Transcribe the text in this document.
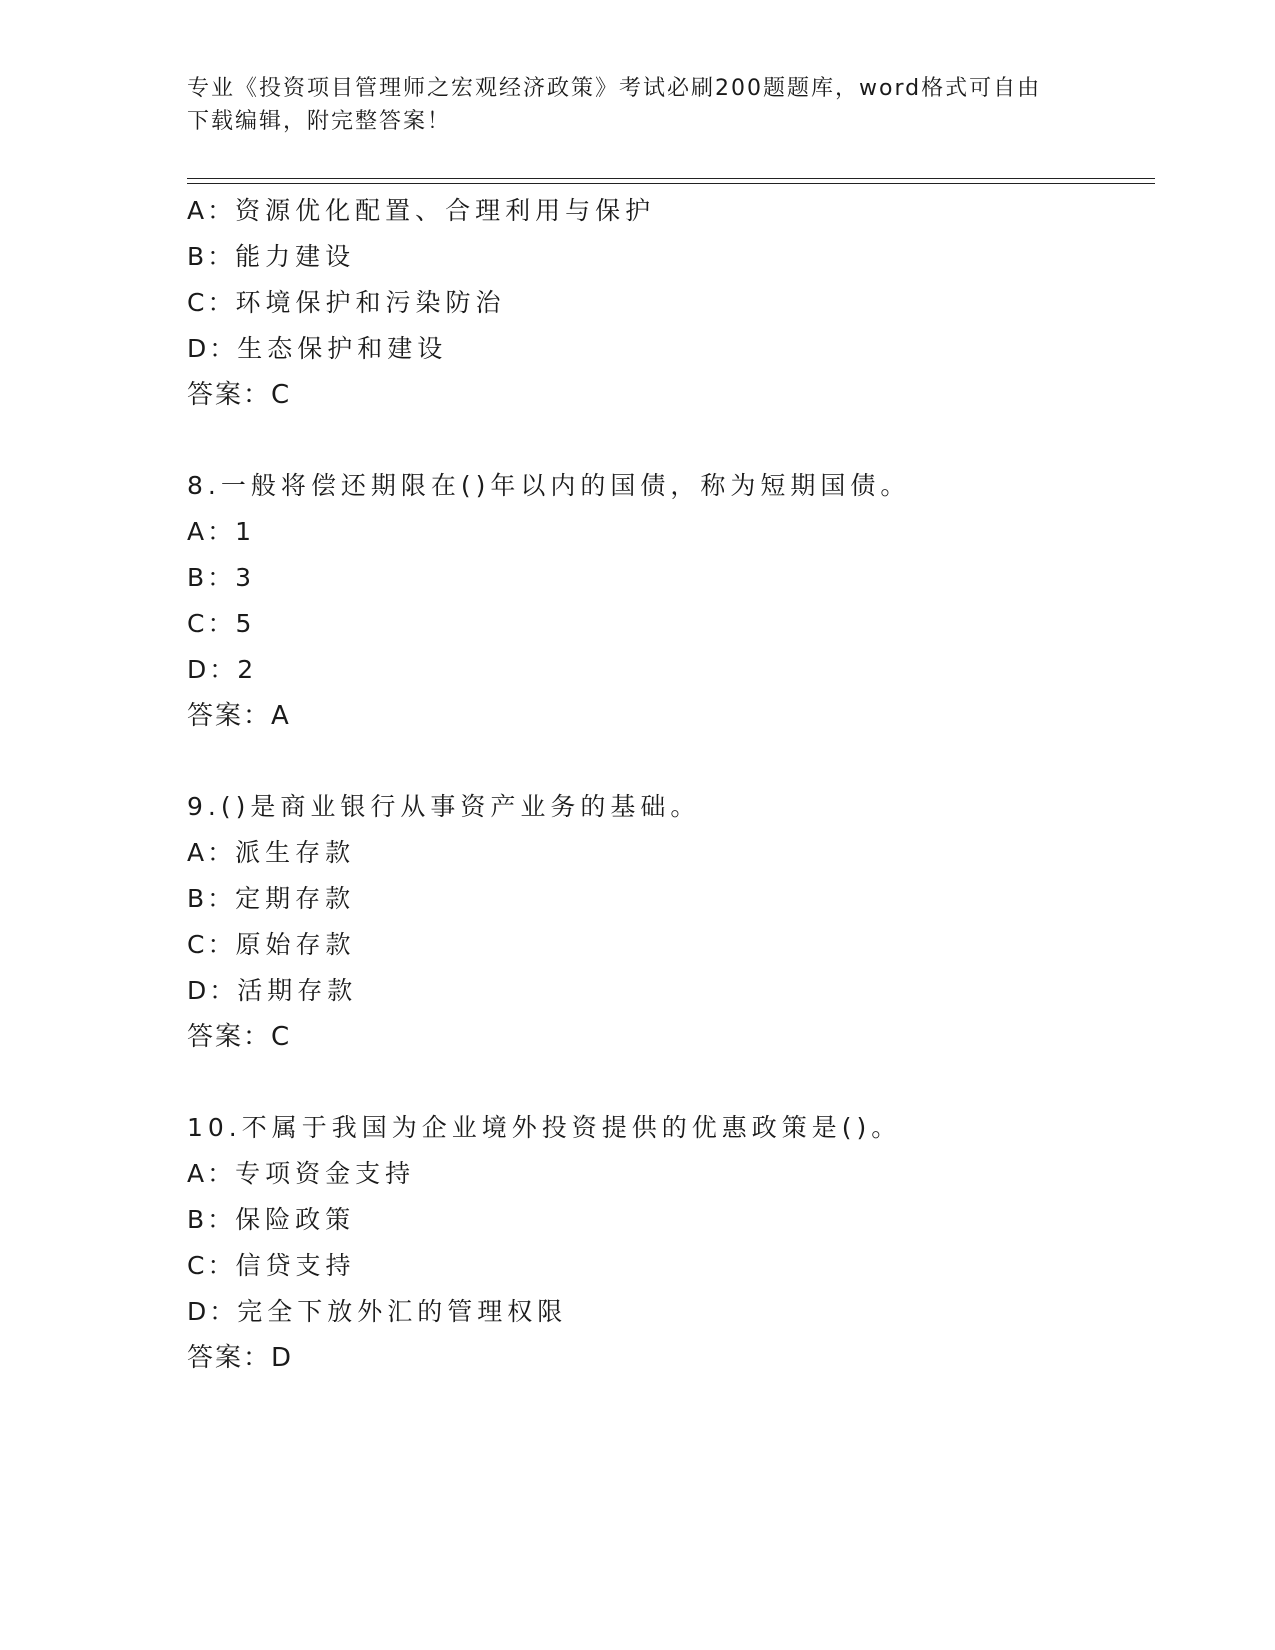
专业《投资项目管理师之宏观经济政策》考试必刷200题题库，word格式可自由
下载编辑，附完整答案！
A：资源优化配置、合理利用与保护
B：能力建设
C：环境保护和污染防治
D：生态保护和建设
答案：C
8.一般将偿还期限在()年以内的国债，称为短期国债。
A：1
B：3
C：5
D：2
答案：A
9.()是商业银行从事资产业务的基础。
A：派生存款
B：定期存款
C：原始存款
D：活期存款
答案：C
10.不属于我国为企业境外投资提供的优惠政策是()。
A：专项资金支持
B：保险政策
C：信贷支持
D：完全下放外汇的管理权限
答案：D
